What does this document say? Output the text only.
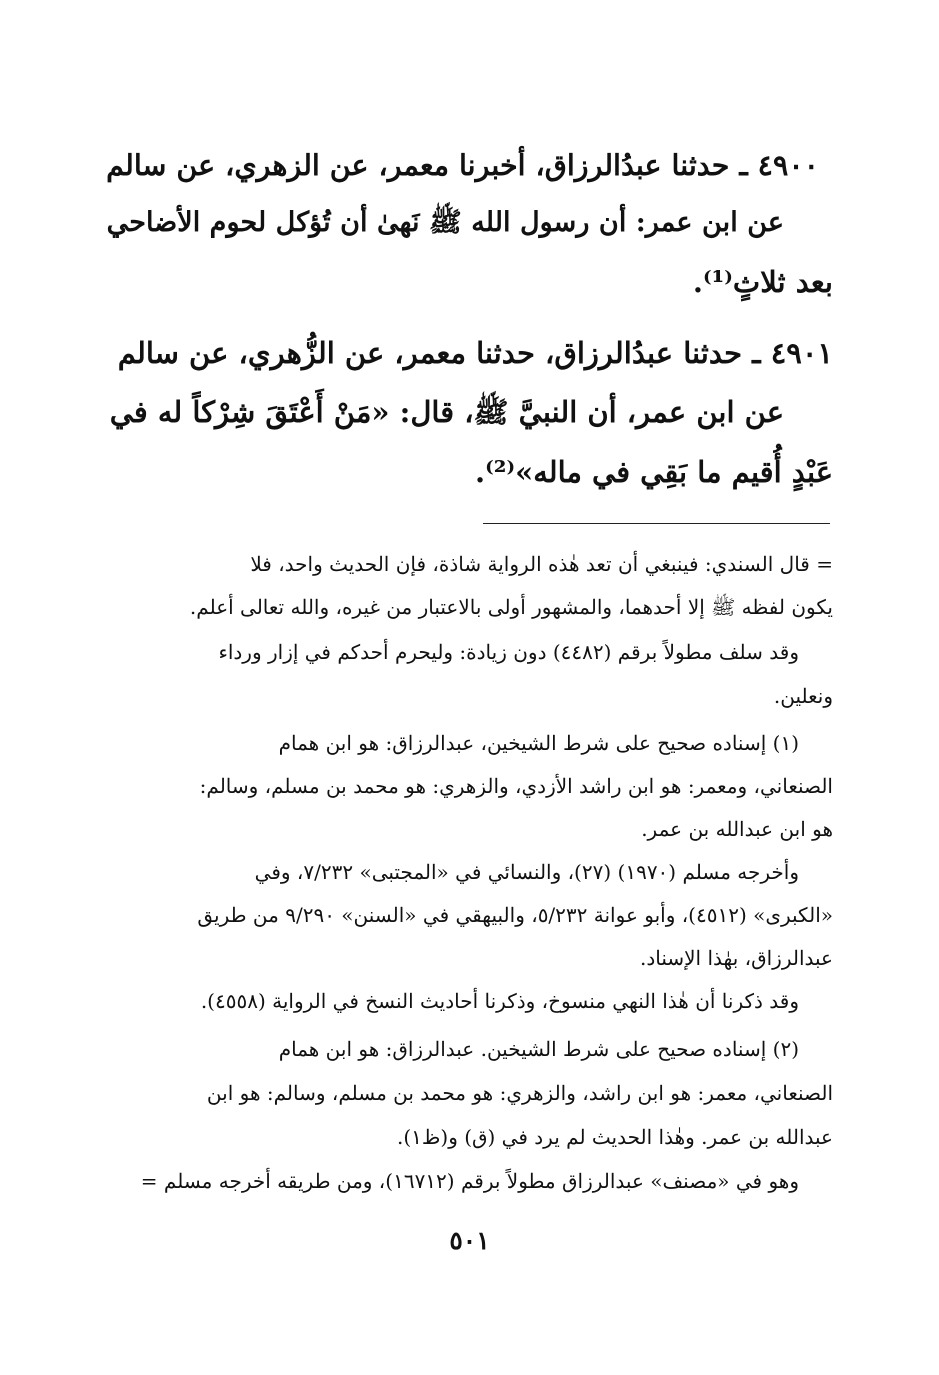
٤٩٠٠ ـ حدثنا عبدُالرزاق، أخبرنا معمر، عن الزهري، عن سالم
عن ابن عمر: أن رسول الله ﷺ نَهىٰ أن تُؤكل لحوم الأضاحي
بعد ثلاثٍ⁽¹⁾.
٤٩٠١ ـ حدثنا عبدُالرزاق، حدثنا معمر، عن الزُّهري، عن سالم
عن ابن عمر، أن النبيَّ ﷺ، قال: «مَنْ أَعْتَقَ شِرْكاً له في
عَبْدٍ أُقيم ما بَقِي في ماله»⁽²⁾.
= قال السندي: فينبغي أن تعد هٰذه الرواية شاذة، فإن الحديث واحد، فلا
يكون لفظه ﷺ إلا أحدهما، والمشهور أولى بالاعتبار من غيره، والله تعالى أعلم.
وقد سلف مطولاً برقم (٤٤٨٢) دون زيادة: وليحرم أحدكم في إزار ورداء
ونعلين.
(١) إسناده صحيح على شرط الشيخين، عبدالرزاق: هو ابن همام
الصنعاني، ومعمر: هو ابن راشد الأزدي، والزهري: هو محمد بن مسلم، وسالم:
هو ابن عبدالله بن عمر.
وأخرجه مسلم (١٩٧٠) (٢٧)، والنسائي في «المجتبى» ٧/٢٣٢، وفي
«الكبرى» (٤٥١٢)، وأبو عوانة ٥/٢٣٢، والبيهقي في «السنن» ٩/٢٩٠ من طريق
عبدالرزاق، بهٰذا الإسناد.
وقد ذكرنا أن هٰذا النهي منسوخ، وذكرنا أحاديث النسخ في الرواية (٤٥٥٨).
(٢) إسناده صحيح على شرط الشيخين. عبدالرزاق: هو ابن همام
الصنعاني، معمر: هو ابن راشد، والزهري: هو محمد بن مسلم، وسالم: هو ابن
عبدالله بن عمر. وهٰذا الحديث لم يرد في (ق) و(ظ١).
وهو في «مصنف» عبدالرزاق مطولاً برقم (١٦٧١٢)، ومن طريقه أخرجه مسلم =
٥٠١
